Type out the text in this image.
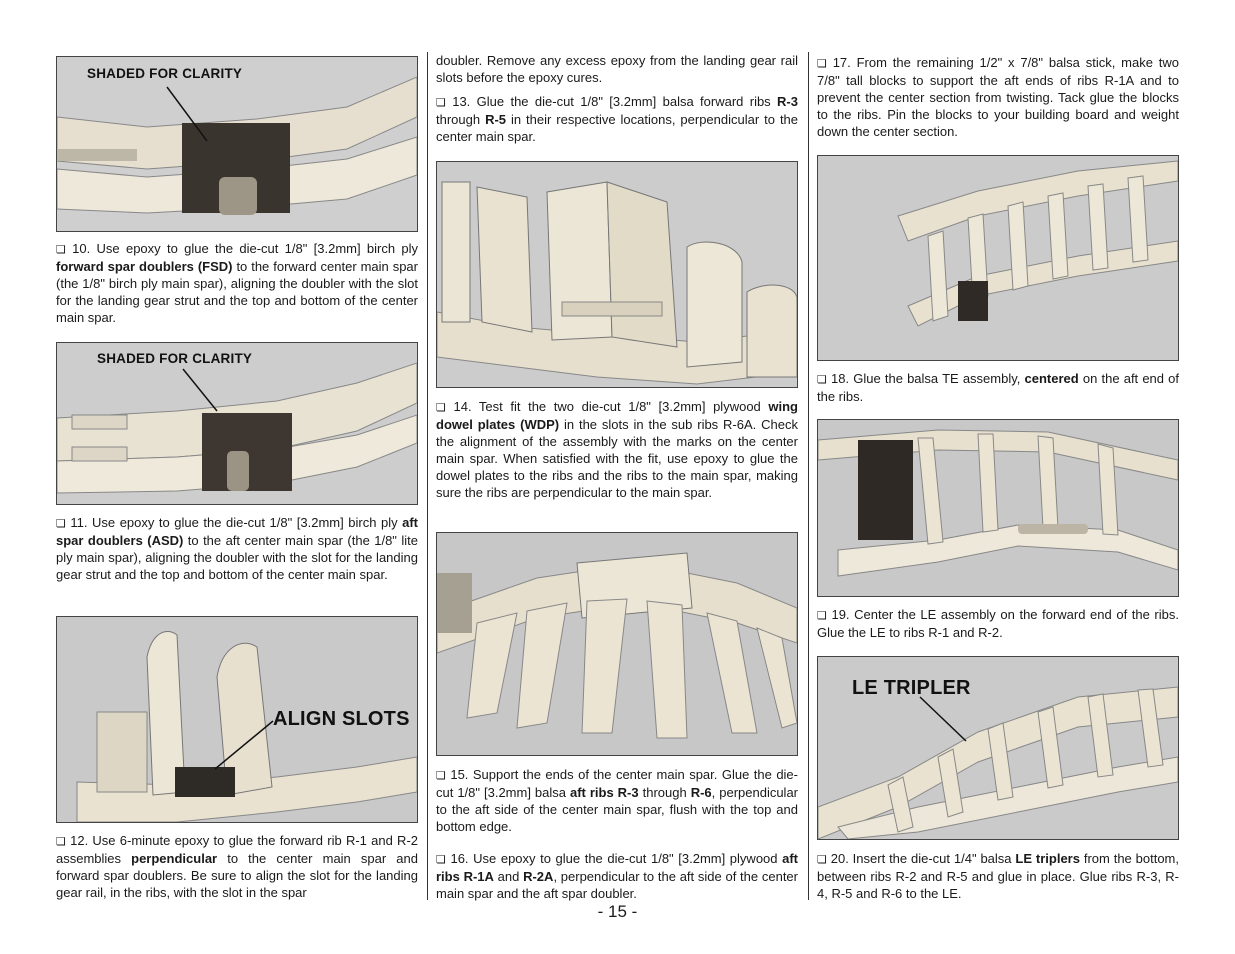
SHADED FOR CLARITY

❏ 10. Use epoxy to glue the die-cut 1/8" [3.2mm] birch ply forward spar doublers (FSD) to the forward center main spar (the 1/8" birch ply main spar), aligning the doubler with the slot for the landing gear strut and the top and bottom of the center main spar.

SHADED FOR CLARITY

❏ 11. Use epoxy to glue the die-cut 1/8" [3.2mm] birch ply aft spar doublers (ASD) to the aft center main spar (the 1/8" lite ply main spar), aligning the doubler with the slot for the landing gear strut and the top and bottom of the center main spar.

ALIGN SLOTS

❏ 12. Use 6-minute epoxy to glue the forward rib R-1 and R-2 assemblies perpendicular to the center main spar and forward spar doublers. Be sure to align the slot for the landing gear rail, in the ribs, with the slot in the spar

doubler. Remove any excess epoxy from the landing gear rail slots before the epoxy cures.

❏ 13. Glue the die-cut 1/8" [3.2mm] balsa forward ribs R-3 through R-5 in their respective locations, perpendicular to the center main spar.

❏ 14. Test fit the two die-cut 1/8" [3.2mm] plywood wing dowel plates (WDP) in the slots in the sub ribs R-6A. Check the alignment of the assembly with the marks on the center main spar. When satisfied with the fit, use epoxy to glue the dowel plates to the ribs and the ribs to the main spar, making sure the ribs are perpendicular to the main spar.

❏ 15. Support the ends of the center main spar. Glue the die-cut 1/8" [3.2mm] balsa aft ribs R-3 through R-6, perpendicular to the aft side of the center main spar, flush with the top and bottom edge.

❏ 16. Use epoxy to glue the die-cut 1/8" [3.2mm] plywood aft ribs R-1A and R-2A, perpendicular to the aft side of the center main spar and the aft spar doubler.

❏ 17. From the remaining 1/2" x 7/8" balsa stick, make two 7/8" tall blocks to support the aft ends of ribs R-1A and to prevent the center section from twisting. Tack glue the blocks to the ribs. Pin the blocks to your building board and weight down the center section.

❏ 18. Glue the balsa TE assembly, centered on the aft end of the ribs.

❏ 19. Center the LE assembly on the forward end of the ribs. Glue the LE to ribs R-1 and R-2.

LE TRIPLER

❏ 20. Insert the die-cut 1/4" balsa LE triplers from the bottom, between ribs R-2 and R-5 and glue in place. Glue ribs R-3, R-4, R-5 and R-6 to the LE.

- 15 -
